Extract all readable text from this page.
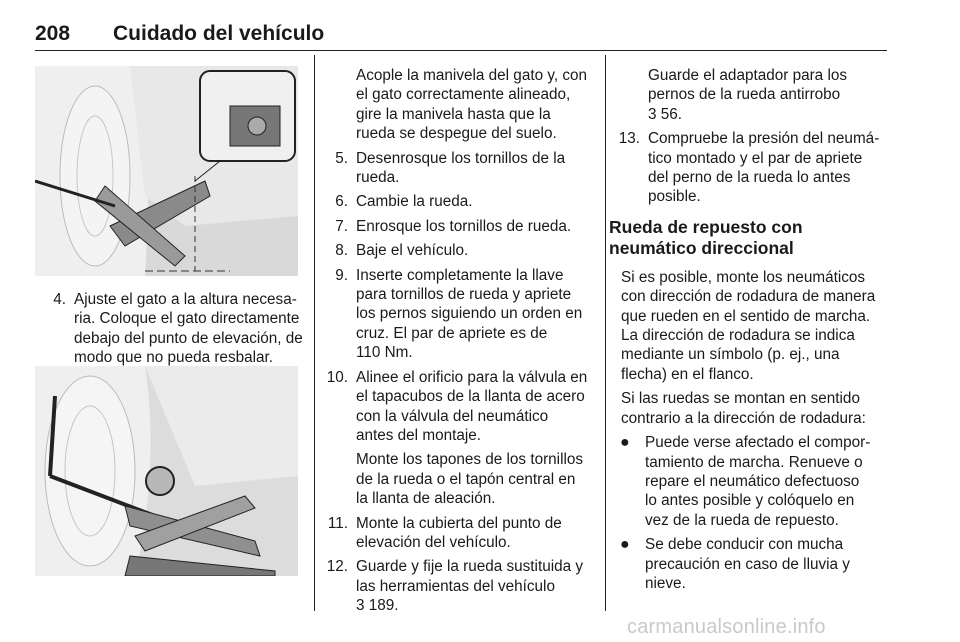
208 Cuidado del vehículo
4. Ajuste el gato a la altura necesa-
ria. Coloque el gato directamente
debajo del punto de elevación, de
modo que no pueda resbalar.
Acople la manivela del gato y, con
el gato correctamente alineado,
gire la manivela hasta que la
rueda se despegue del suelo.
5. Desenrosque los tornillos de la
rueda.
6. Cambie la rueda.
7. Enrosque los tornillos de rueda.
8. Baje el vehículo.
9. Inserte completamente la llave
para tornillos de rueda y apriete
los pernos siguiendo un orden en
cruz. El par de apriete es de
110 Nm.
10. Alinee el orificio para la válvula en
el tapacubos de la llanta de acero
con la válvula del neumático
antes del montaje.
Monte los tapones de los tornillos
de la rueda o el tapón central en
la llanta de aleación.
11. Monte la cubierta del punto de
elevación del vehículo.
12. Guarde y fije la rueda sustituida y
las herramientas del vehículo
3 189.
Guarde el adaptador para los
pernos de la rueda antirrobo
3 56.
13. Compruebe la presión del neumá-
tico montado y el par de apriete
del perno de la rueda lo antes
posible.
Rueda de repuesto con
neumático direccional
Si es posible, monte los neumáticos
con dirección de rodadura de manera
que rueden en el sentido de marcha.
La dirección de rodadura se indica
mediante un símbolo (p. ej., una
flecha) en el flanco.
Si las ruedas se montan en sentido
contrario a la dirección de rodadura:
● Puede verse afectado el compor-
tamiento de marcha. Renueve o
repare el neumático defectuoso
lo antes posible y colóquelo en
vez de la rueda de repuesto.
● Se debe conducir con mucha
precaución en caso de lluvia y
nieve.
carmanualsonline.info
